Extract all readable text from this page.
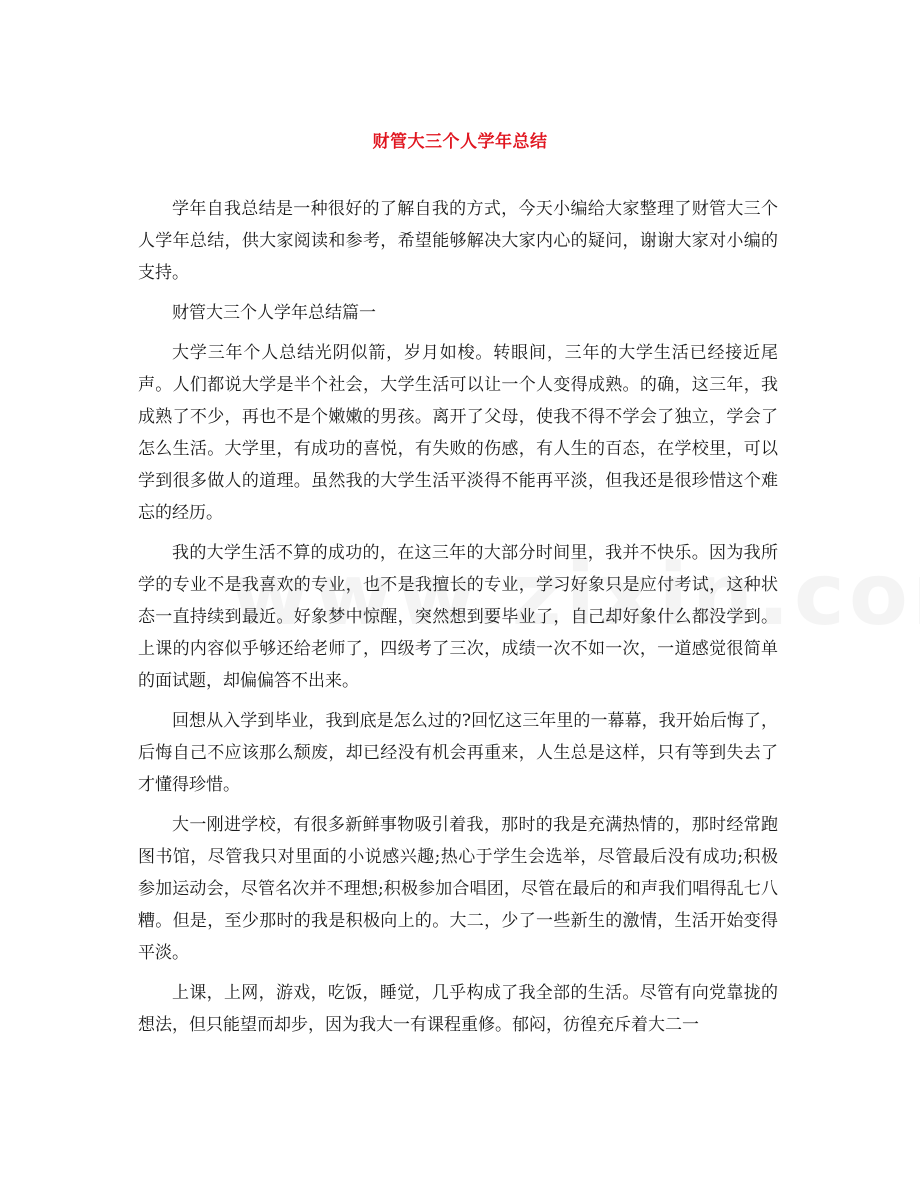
财管大三个人学年总结

学年自我总结是一种很好的了解自我的方式，今天小编给大家整理了财管大三个人学年总结，供大家阅读和参考，希望能够解决大家内心的疑问，谢谢大家对小编的支持。

财管大三个人学年总结篇一

大学三年个人总结光阴似箭，岁月如梭。转眼间，三年的大学生活已经接近尾声。人们都说大学是半个社会，大学生活可以让一个人变得成熟。的确，这三年，我成熟了不少，再也不是个嫩嫩的男孩。离开了父母，使我不得不学会了独立，学会了怎么生活。大学里，有成功的喜悦，有失败的伤感，有人生的百态，在学校里，可以学到很多做人的道理。虽然我的大学生活平淡得不能再平淡，但我还是很珍惜这个难忘的经历。

我的大学生活不算的成功的，在这三年的大部分时间里，我并不快乐。因为我所学的专业不是我喜欢的专业，也不是我擅长的专业，学习好象只是应付考试，这种状态一直持续到最近。好象梦中惊醒，突然想到要毕业了，自己却好象什么都没学到。上课的内容似乎够还给老师了，四级考了三次，成绩一次不如一次，一道感觉很简单的面试题，却偏偏答不出来。

回想从入学到毕业，我到底是怎么过的?回忆这三年里的一幕幕，我开始后悔了，后悔自己不应该那么颓废，却已经没有机会再重来，人生总是这样，只有等到失去了才懂得珍惜。

大一刚进学校，有很多新鲜事物吸引着我，那时的我是充满热情的，那时经常跑图书馆，尽管我只对里面的小说感兴趣;热心于学生会选举，尽管最后没有成功;积极参加运动会，尽管名次并不理想;积极参加合唱团，尽管在最后的和声我们唱得乱七八糟。但是，至少那时的我是积极向上的。大二，少了一些新生的激情，生活开始变得平淡。

上课，上网，游戏，吃饭，睡觉，几乎构成了我全部的生活。尽管有向党靠拢的想法，但只能望而却步，因为我大一有课程重修。郁闷，彷徨充斥着大二一
